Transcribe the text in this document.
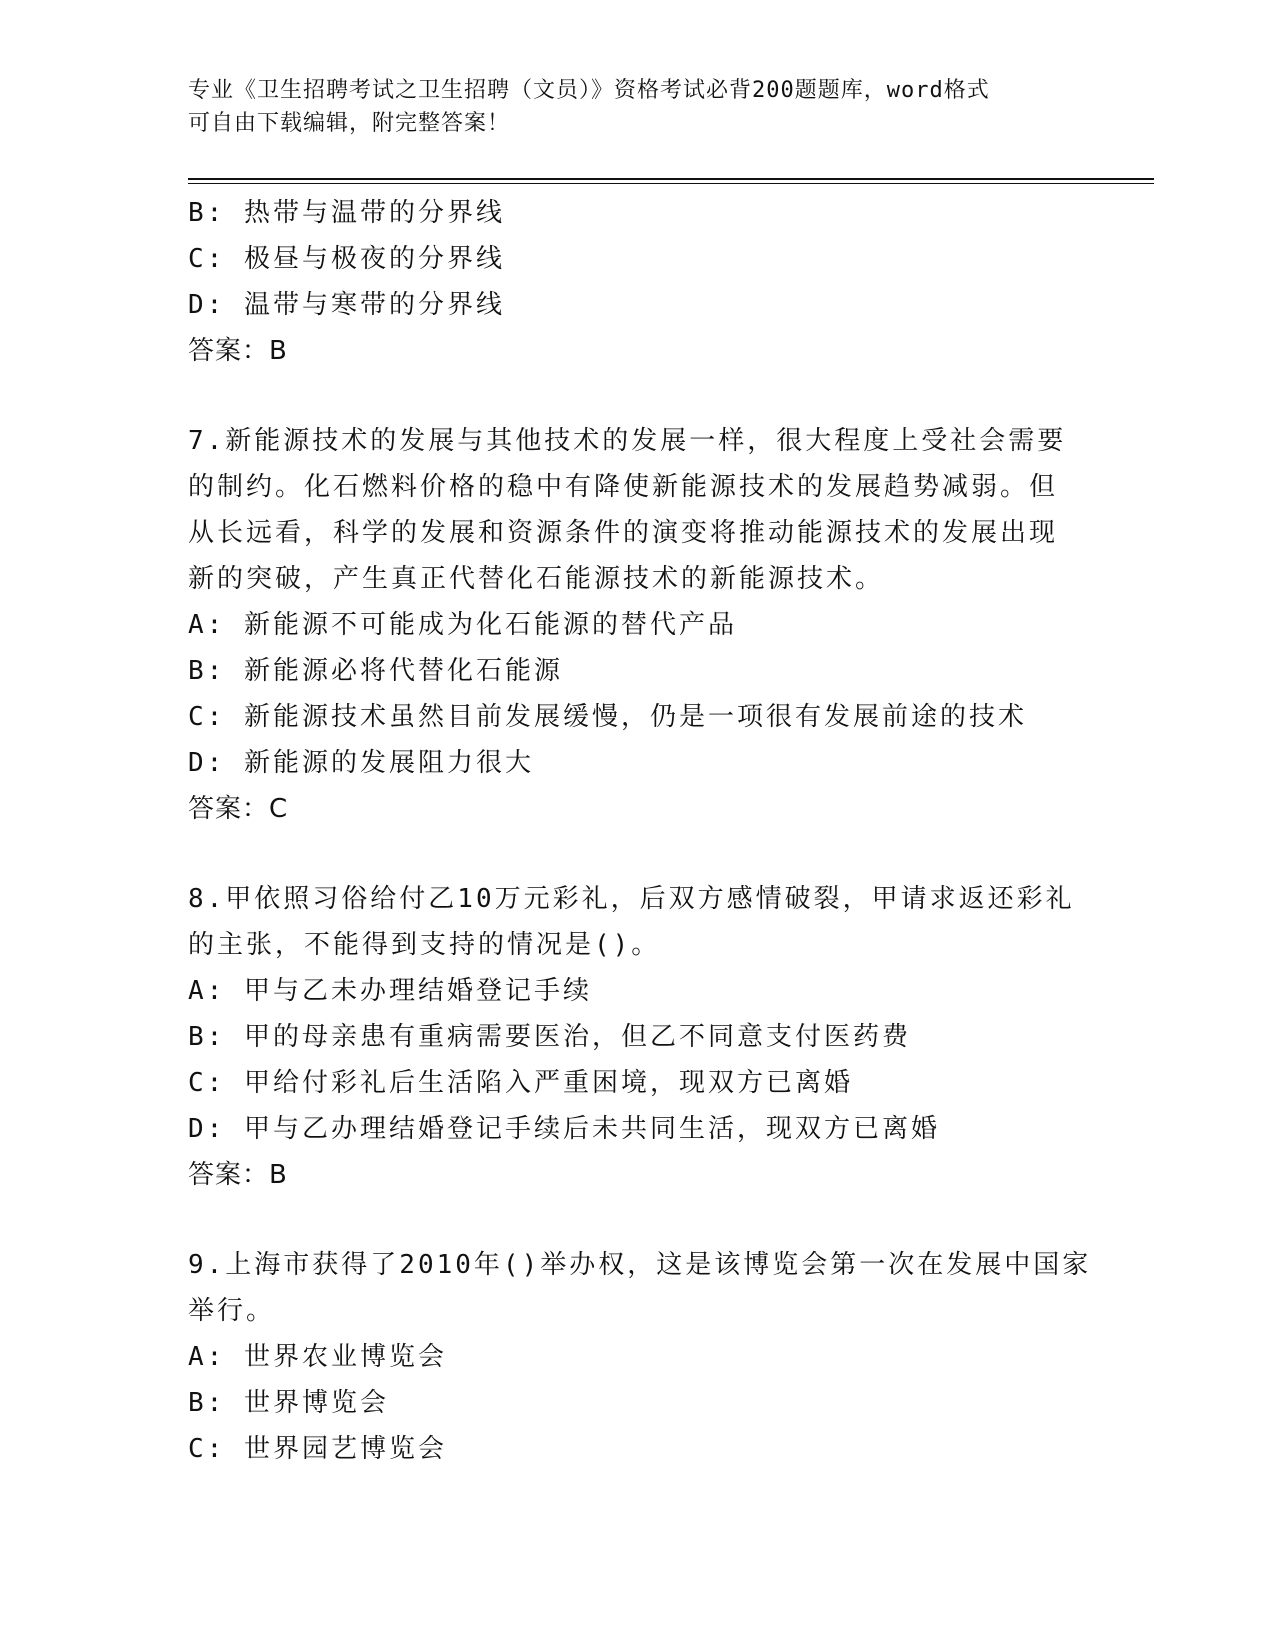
专业《卫生招聘考试之卫生招聘（文员）》资格考试必背200题题库，word格式
可自由下载编辑，附完整答案！
B: 热带与温带的分界线
C: 极昼与极夜的分界线
D: 温带与寒带的分界线
答案：B
7.新能源技术的发展与其他技术的发展一样，很大程度上受社会需要
的制约。化石燃料价格的稳中有降使新能源技术的发展趋势减弱。但
从长远看，科学的发展和资源条件的演变将推动能源技术的发展出现
新的突破，产生真正代替化石能源技术的新能源技术。
A: 新能源不可能成为化石能源的替代产品
B: 新能源必将代替化石能源
C: 新能源技术虽然目前发展缓慢，仍是一项很有发展前途的技术
D: 新能源的发展阻力很大
答案：C
8.甲依照习俗给付乙10万元彩礼，后双方感情破裂，甲请求返还彩礼
的主张，不能得到支持的情况是()。
A: 甲与乙未办理结婚登记手续
B: 甲的母亲患有重病需要医治，但乙不同意支付医药费
C: 甲给付彩礼后生活陷入严重困境，现双方已离婚
D: 甲与乙办理结婚登记手续后未共同生活，现双方已离婚
答案：B
9.上海市获得了2010年()举办权，这是该博览会第一次在发展中国家
举行。
A: 世界农业博览会
B: 世界博览会
C: 世界园艺博览会
